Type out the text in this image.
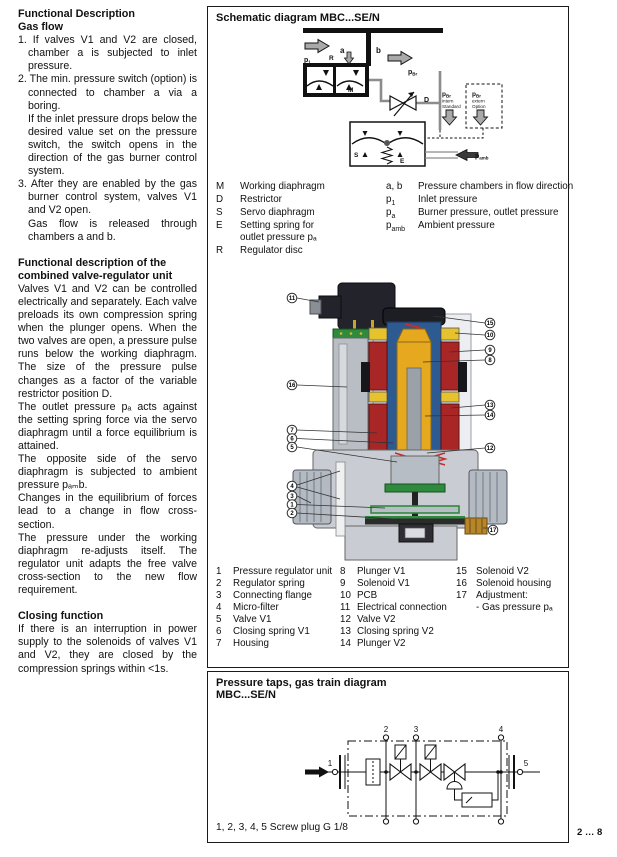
Functional Description

Gas flow

1. If valves V1 and V2 are closed, chamber a is subjected to inlet pressure.

2. The min. pressure switch (option) is connected to chamber a via a boring.

If the inlet pressure drops below the desired value set on the pressure switch, the switch opens in the direction of the gas burner control system.

3. After they are enabled by the gas burner control system, valves V1 and V2 open.

Gas flow is released through chambers a and b.

Functional description of the combined valve-regulator unit

Valves V1 and V2 can be controlled electrically and separately. Each valve preloads its own compression spring when the plunger opens. When the two valves are open, a pressure pulse runs below the working diaphragm. The size of the pressure pulse changes as a factor of the variable restrictor position D.

The outlet pressure pₐ acts against the setting spring force via the servo diaphragm until a force equilibrium is attained.

The opposite side of the servo diaphragm is subjected to ambient pressure pₐₘb.

Changes in the equilibrium of forces lead to a change in flow cross-section.

The pressure under the working diaphragm re-adjusts itself. The regulator unit adapts the free valve cross-section to the new flow requirement.

Closing function

If there is an interruption in power supply to the solenoids of valves V1 and V2, they are closed by the compression springs within <1s.

Schematic diagram MBC...SE/N
a	b
$p_1$
$p_{Br}$
R
M
D
S
E
$p_{Br}$
intern
Standard
$p_{Br}$
extern
Option
$p_{amb}$
M	Working diaphragm
D	Restrictor
S	Servo diaphragm
E	Setting spring for
outlet pressure pₐ
R	Regulator disc
a, b	Pressure chambers in flow direction
$p_1$	Inlet pressure
$p_a$	Burner pressure, outlet pressure
$p_{amb}$	Ambient pressure
11
16
7
6
5
4
3
1
2
15
10
9
8
13
14
12
17
1	Pressure regulator unit
2	Regulator spring
3	Connecting flange
4	Micro-filter
5	Valve V1
6	Closing spring V1
7	Housing
8	Plunger V1
9	Solenoid V1
10 PCB
11 Electrical connection
12 Valve V2
13 Closing spring V2
14 Plunger V2
15 Solenoid V2
16 Solenoid housing
17 Adjustment:
- Gas pressure pₐ
Pressure taps, gas train diagram
MBC...SE/N
1
2	3	4
5
1, 2, 3, 4, 5 Screw plug G 1/8	2 … 8
